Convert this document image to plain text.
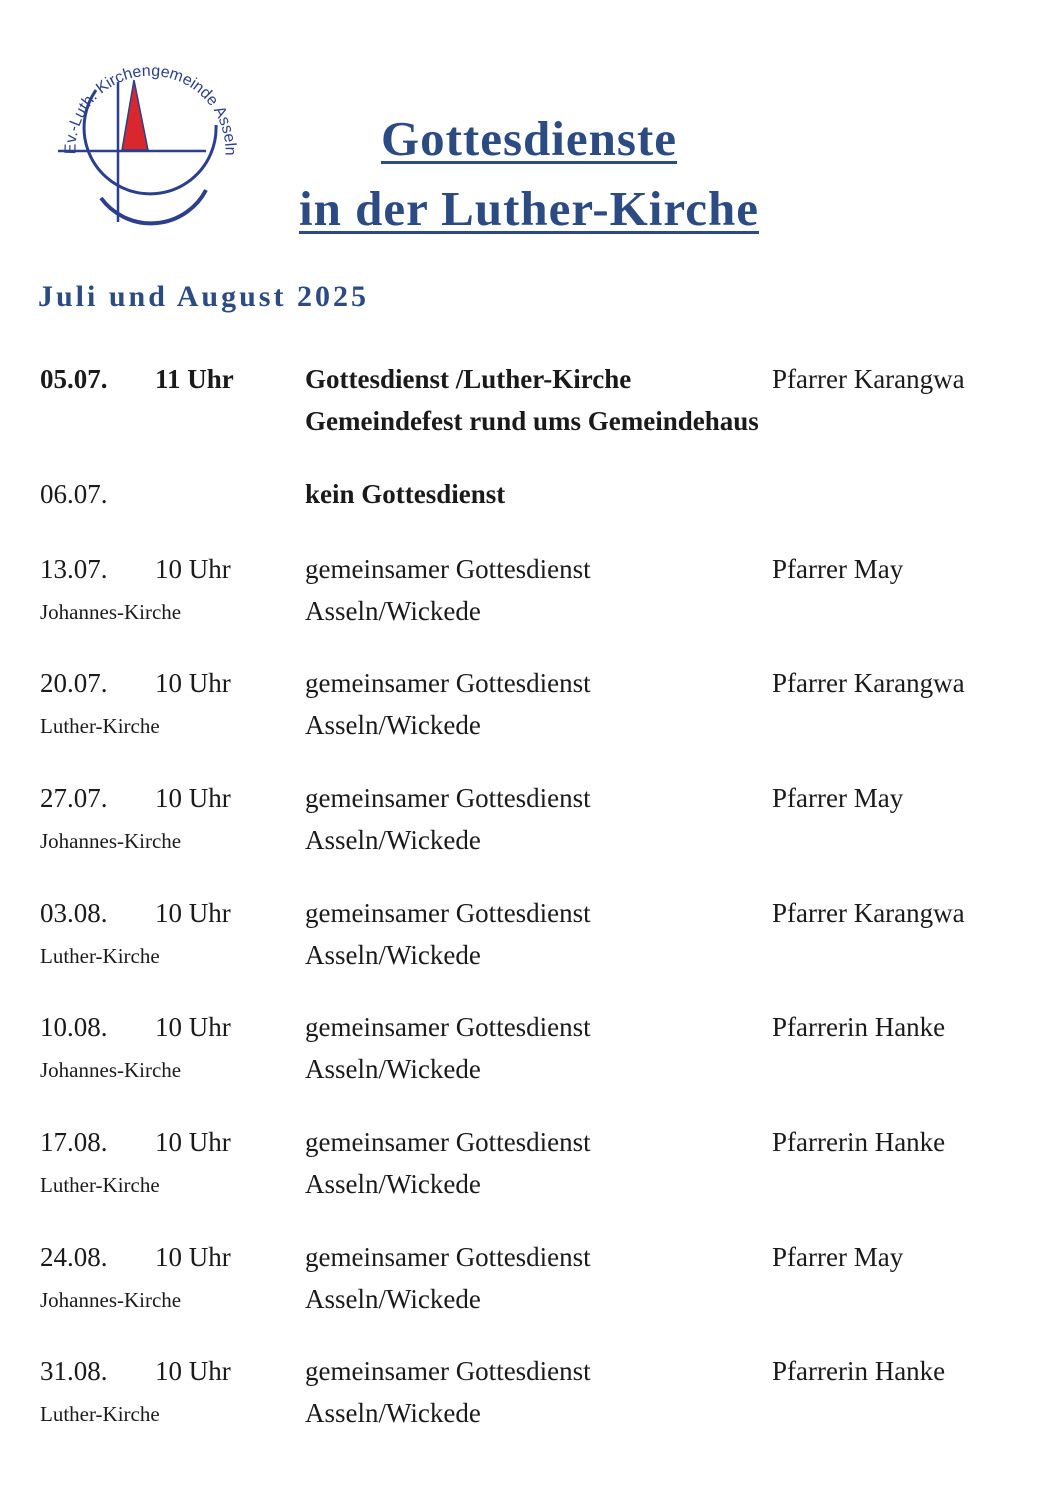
Ev.-Luth. Kirchengemeinde Asseln	Gottesdienste
in der Luther-Kirche
Juli und August 2025
05.07. 11 Uhr	Gottesdienst /Luther-Kirche	Pfarrer Karangwa
Gemeindefest rund ums Gemeindehaus
06.07.	kein Gottesdienst
13.07. 10 Uhr	gemeinsamer Gottesdienst	Pfarrer May
Asseln/Wickede
Johannes-Kirche
20.07. 10 Uhr	gemeinsamer Gottesdienst	Pfarrer Karangwa
Asseln/Wickede
Luther-Kirche
27.07. 10 Uhr	gemeinsamer Gottesdienst	Pfarrer May
Asseln/Wickede
Johannes-Kirche
03.08. 10 Uhr	gemeinsamer Gottesdienst	Pfarrer Karangwa
Asseln/Wickede
Luther-Kirche
10.08. 10 Uhr	gemeinsamer Gottesdienst	Pfarrerin Hanke
Asseln/Wickede
Johannes-Kirche
17.08. 10 Uhr	gemeinsamer Gottesdienst	Pfarrerin Hanke
Asseln/Wickede
Luther-Kirche
24.08. 10 Uhr	gemeinsamer Gottesdienst	Pfarrer May
Asseln/Wickede
Johannes-Kirche
31.08. 10 Uhr	gemeinsamer Gottesdienst	Pfarrerin Hanke
Asseln/Wickede
Luther-Kirche
